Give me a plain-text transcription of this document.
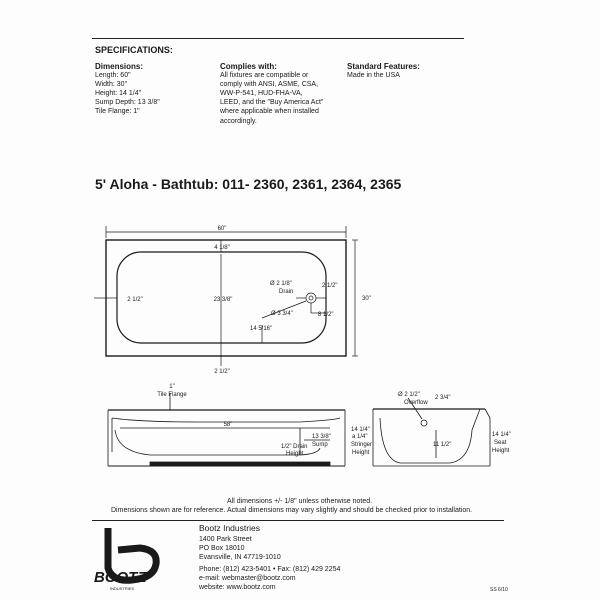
SPECIFICATIONS:
Dimensions:
Length: 60"
Width: 30"
Height: 14 1/4"
Sump Depth: 13 3/8"
Tile Flange: 1"
Complies with:
All fixtures are compatible or
comply with ANSI, ASME, CSA,
WW-P-541, HUD-FHA-VA,
LEED, and the "Buy America Act"
where applicable when installed
accordingly.
Standard Features:
Made in the USA
5' Aloha - Bathtub: 011- 2360, 2361, 2364, 2365
60"
4 1/8"
23 3/8"
2 1/2"	30"
2 1/2"
Ø 2 1/8"
Drain
2 1/2"
Ø 3 3/4"	8 1/2"
14 5/16"
1"
Tile Flange
58"
13 3/8"
Sump
1/2" Drain
Height
Ø 2 1/2"
Overflow
2 3/4"
11 1/2"
14 1/4"
a 1/4"
Stringer
Height
14 1/4"
Seat
Height
All dimensions +/- 1/8" unless otherwise noted.
Dimensions shown are for reference. Actual dimensions may vary slightly and should be checked prior to installation.
BOOTZ
INDUSTRIES
Bootz Industries
1400 Park Street
PO Box 18010
Evansville, IN 47719-1010
Phone: (812) 423-5401 • Fax: (812) 429 2254
e-mail: webmaster@bootz.com
website: www.bootz.com	SS 6/10
